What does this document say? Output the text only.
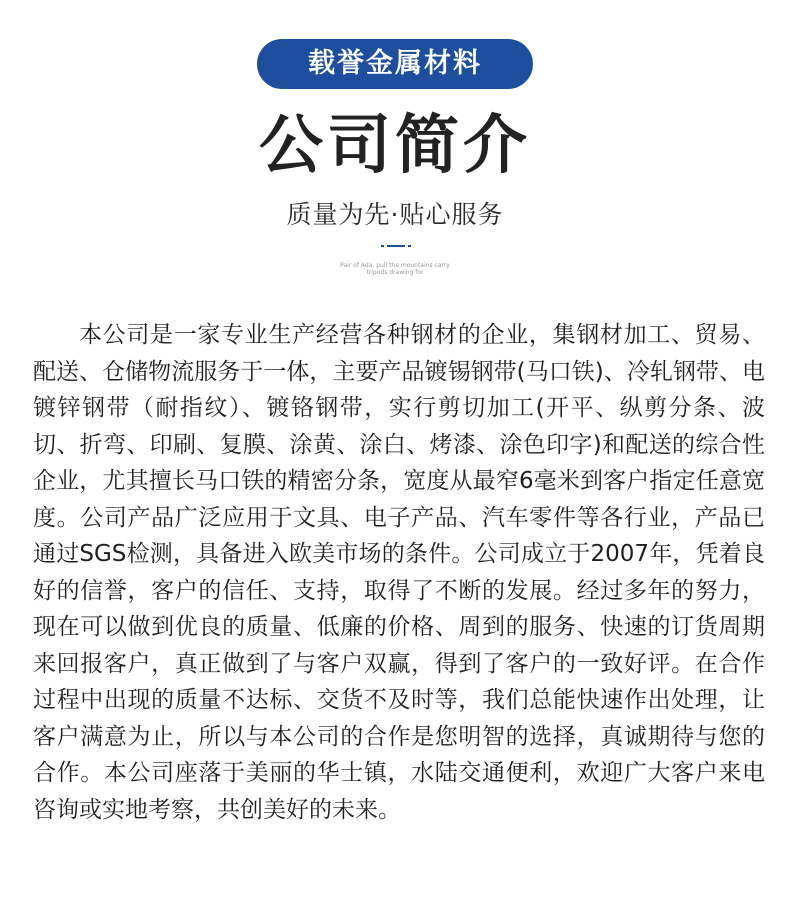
载誉金属材料
公司简介
质量为先·贴心服务
Pair of Ada, pull the mountains carry
tripods drawing for

本公司是一家专业生产经营各种钢材的企业，集钢材加工、贸易、配送、仓储物流服务于一体，主要产品镀锡钢带(马口铁)、冷轧钢带、电镀锌钢带（耐指纹）、镀铬钢带，实行剪切加工(开平、纵剪分条、波切、折弯、印刷、复膜、涂黄、涂白、烤漆、涂色印字)和配送的综合性企业，尤其擅长马口铁的精密分条，宽度从最窄6毫米到客户指定任意宽度。公司产品广泛应用于文具、电子产品、汽车零件等各行业，产品已通过SGS检测，具备进入欧美市场的条件。公司成立于2007年，凭着良好的信誉，客户的信任、支持，取得了不断的发展。经过多年的努力，现在可以做到优良的质量、低廉的价格、周到的服务、快速的订货周期来回报客户，真正做到了与客户双赢，得到了客户的一致好评。在合作过程中出现的质量不达标、交货不及时等，我们总能快速作出处理，让客户满意为止，所以与本公司的合作是您明智的选择，真诚期待与您的合作。本公司座落于美丽的华士镇，水陆交通便利，欢迎广大客户来电咨询或实地考察，共创美好的未来。
